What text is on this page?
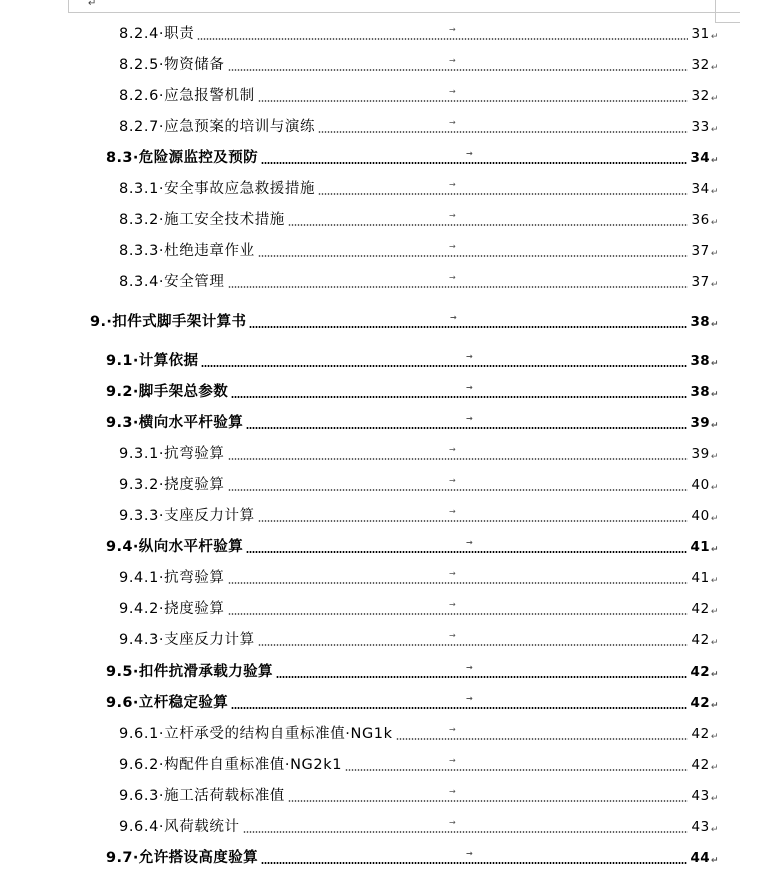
↵
8.2.4·职责	→	31 ↵
8.2.5·物资储备	→	32 ↵
8.2.6·应急报警机制	→	32 ↵
8.2.7·应急预案的培训与演练	→	33 ↵
8.3·危险源监控及预防	→	34 ↵
8.3.1·安全事故应急救援措施	→	34 ↵
8.3.2·施工安全技术措施	→	36 ↵
8.3.3·杜绝违章作业	→	37 ↵
8.3.4·安全管理	→	37 ↵
9.·扣件式脚手架计算书	→	38 ↵
9.1·计算依据	→	38 ↵
9.2·脚手架总参数	→	38 ↵
9.3·横向水平杆验算	→	39 ↵
9.3.1·抗弯验算	→	39 ↵
9.3.2·挠度验算	→	40 ↵
9.3.3·支座反力计算	→	40 ↵
9.4·纵向水平杆验算	→	41 ↵
9.4.1·抗弯验算	→	41 ↵
9.4.2·挠度验算	→	42 ↵
9.4.3·支座反力计算	→	42 ↵
9.5·扣件抗滑承载力验算	→	42 ↵
9.6·立杆稳定验算	→	42 ↵
9.6.1·立杆承受的结构自重标准值·NG1k	→	42 ↵
9.6.2·构配件自重标准值·NG2k1	→	42 ↵
9.6.3·施工活荷载标准值	→	43 ↵
9.6.4·风荷载统计	→	43 ↵
9.7·允许搭设高度验算	→	44 ↵
